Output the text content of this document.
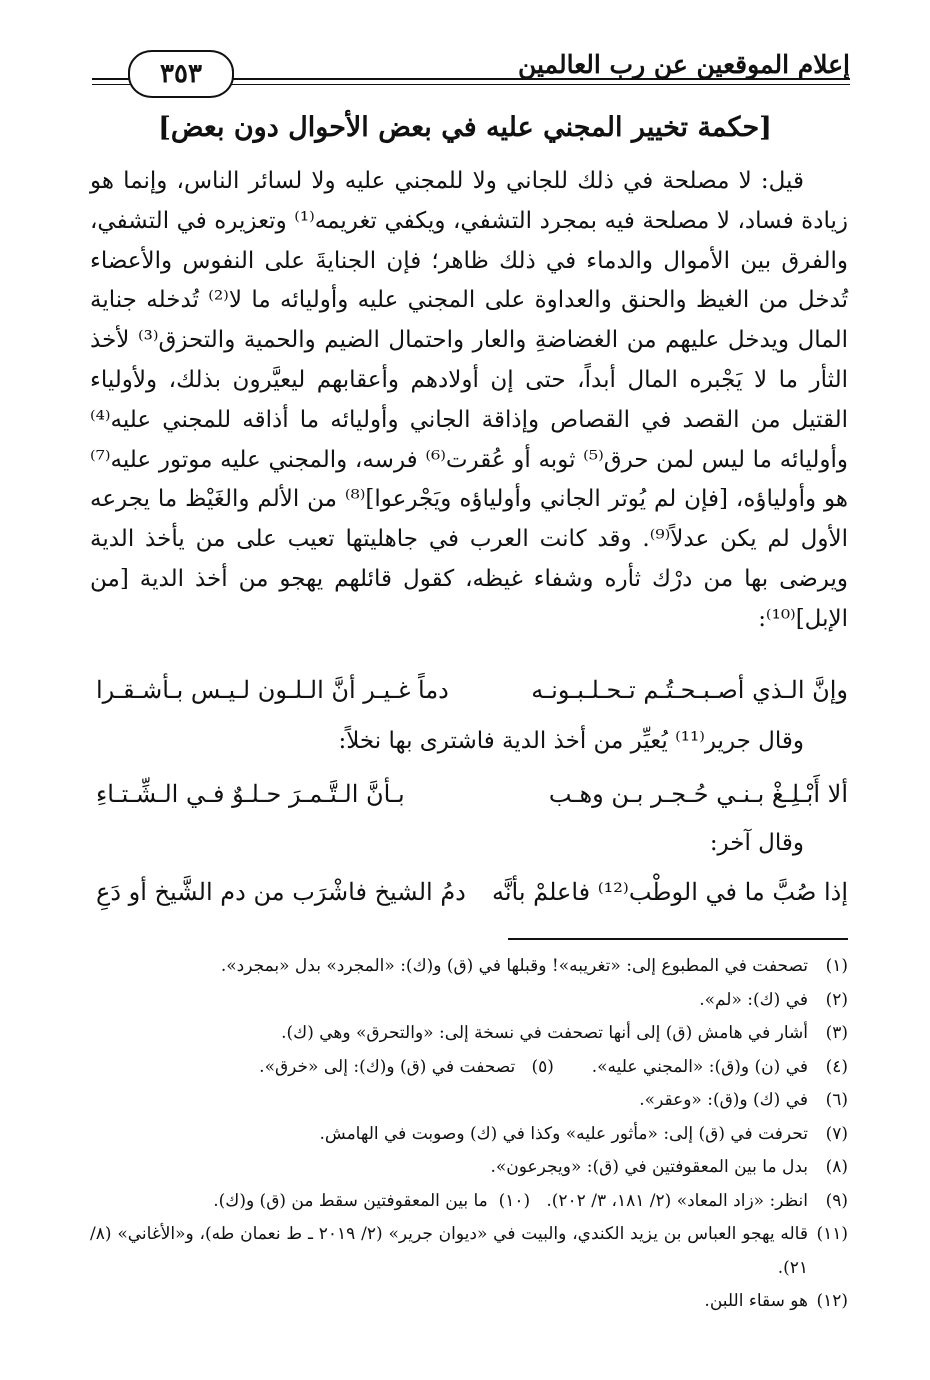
إعلام الموقعين عن رب العالمين
٣٥٣
[حكمة تخيير المجني عليه في بعض الأحوال دون بعض]

قيل: لا مصلحة في ذلك للجاني ولا للمجني عليه ولا لسائر الناس، وإنما هو زيادة فساد، لا مصلحة فيه بمجرد التشفي، ويكفي تغريمه⁽¹⁾ وتعزيره في التشفي، والفرق بين الأموال والدماء في ذلك ظاهر؛ فإن الجنايةَ على النفوس والأعضاء تُدخل من الغيظ والحنق والعداوة على المجني عليه وأوليائه ما لا⁽²⁾ تُدخله جناية المال ويدخل عليهم من الغضاضةِ والعار واحتمال الضيم والحمية والتحزق⁽³⁾ لأخذ الثأر ما لا يَجْبره المال أبداً، حتى إن أولادهم وأعقابهم ليعيَّرون بذلك، ولأولياء القتيل من القصد في القصاص وإذاقة الجاني وأوليائه ما أذاقه للمجني عليه⁽⁴⁾ وأوليائه ما ليس لمن حرق⁽⁵⁾ ثوبه أو عُقرت⁽⁶⁾ فرسه، والمجني عليه موتور عليه⁽⁷⁾ هو وأولياؤه، [فإن لم يُوتر الجاني وأولياؤه ويَجْرعوا]⁽⁸⁾ من الألم والغَيْظ ما يجرعه الأول لم يكن عدلاً⁽⁹⁾. وقد كانت العرب في جاهليتها تعيب على من يأخذ الدية ويرضى بها من درْك ثأره وشفاء غيظه، كقول قائلهم يهجو من أخذ الدية [من الإبل]⁽¹⁰⁾:

وإنَّ الـذي أصـبـحـتُـم تـحـلـبـونـه
دماً غـيـر أنَّ الـلـون لـيـس بـأشـقـرا
وقال جرير⁽¹¹⁾ يُعيِّر من أخذ الدية فاشترى بها نخلاً:
ألا أَبْـلِـغْ بـنـي حُـجـر بـن وهـب
بـأنَّ الـتَّـمـرَ حـلـوٌ فـي الـشِّـتـاءِ
وقال آخر:
إذا صُبَّ ما في الوطْب⁽¹²⁾ فاعلمْ بأنَّه
دمُ الشيخ فاشْرَب من دم الشَّيخ أو دَعِ
(١)
تصحفت في المطبوع إلى: «تغريبه»! وقبلها في (ق) و(ك): «المجرد» بدل «بمجرد».
(٢)
في (ك): «لم».
(٣)
أشار في هامش (ق) إلى أنها تصحفت في نسخة إلى: «والتحرق» وهي (ك).
(٤)
في (ن) و(ق): «المجني عليه».       (٥)   تصحفت في (ق) و(ك): إلى «خرق».
(٦)
في (ك) و(ق): «وعقر».
(٧)
تحرفت في (ق) إلى: «مأثور عليه» وكذا في (ك) وصوبت في الهامش.
(٨)
بدل ما بين المعقوفتين في (ق): «ويجرعون».
(٩)
انظر: «زاد المعاد» (٢/ ١٨١، ٣/ ٢٠٢).   (١٠)  ما بين المعقوفتين سقط من (ق) و(ك).
(١١)
قاله يهجو العباس بن يزيد الكندي، والبيت في «ديوان جرير» (٢/ ٢٠١٩ ـ ط نعمان طه)، و«الأغاني» (٨/ ٢١).
(١٢)
هو سقاء اللبن.
